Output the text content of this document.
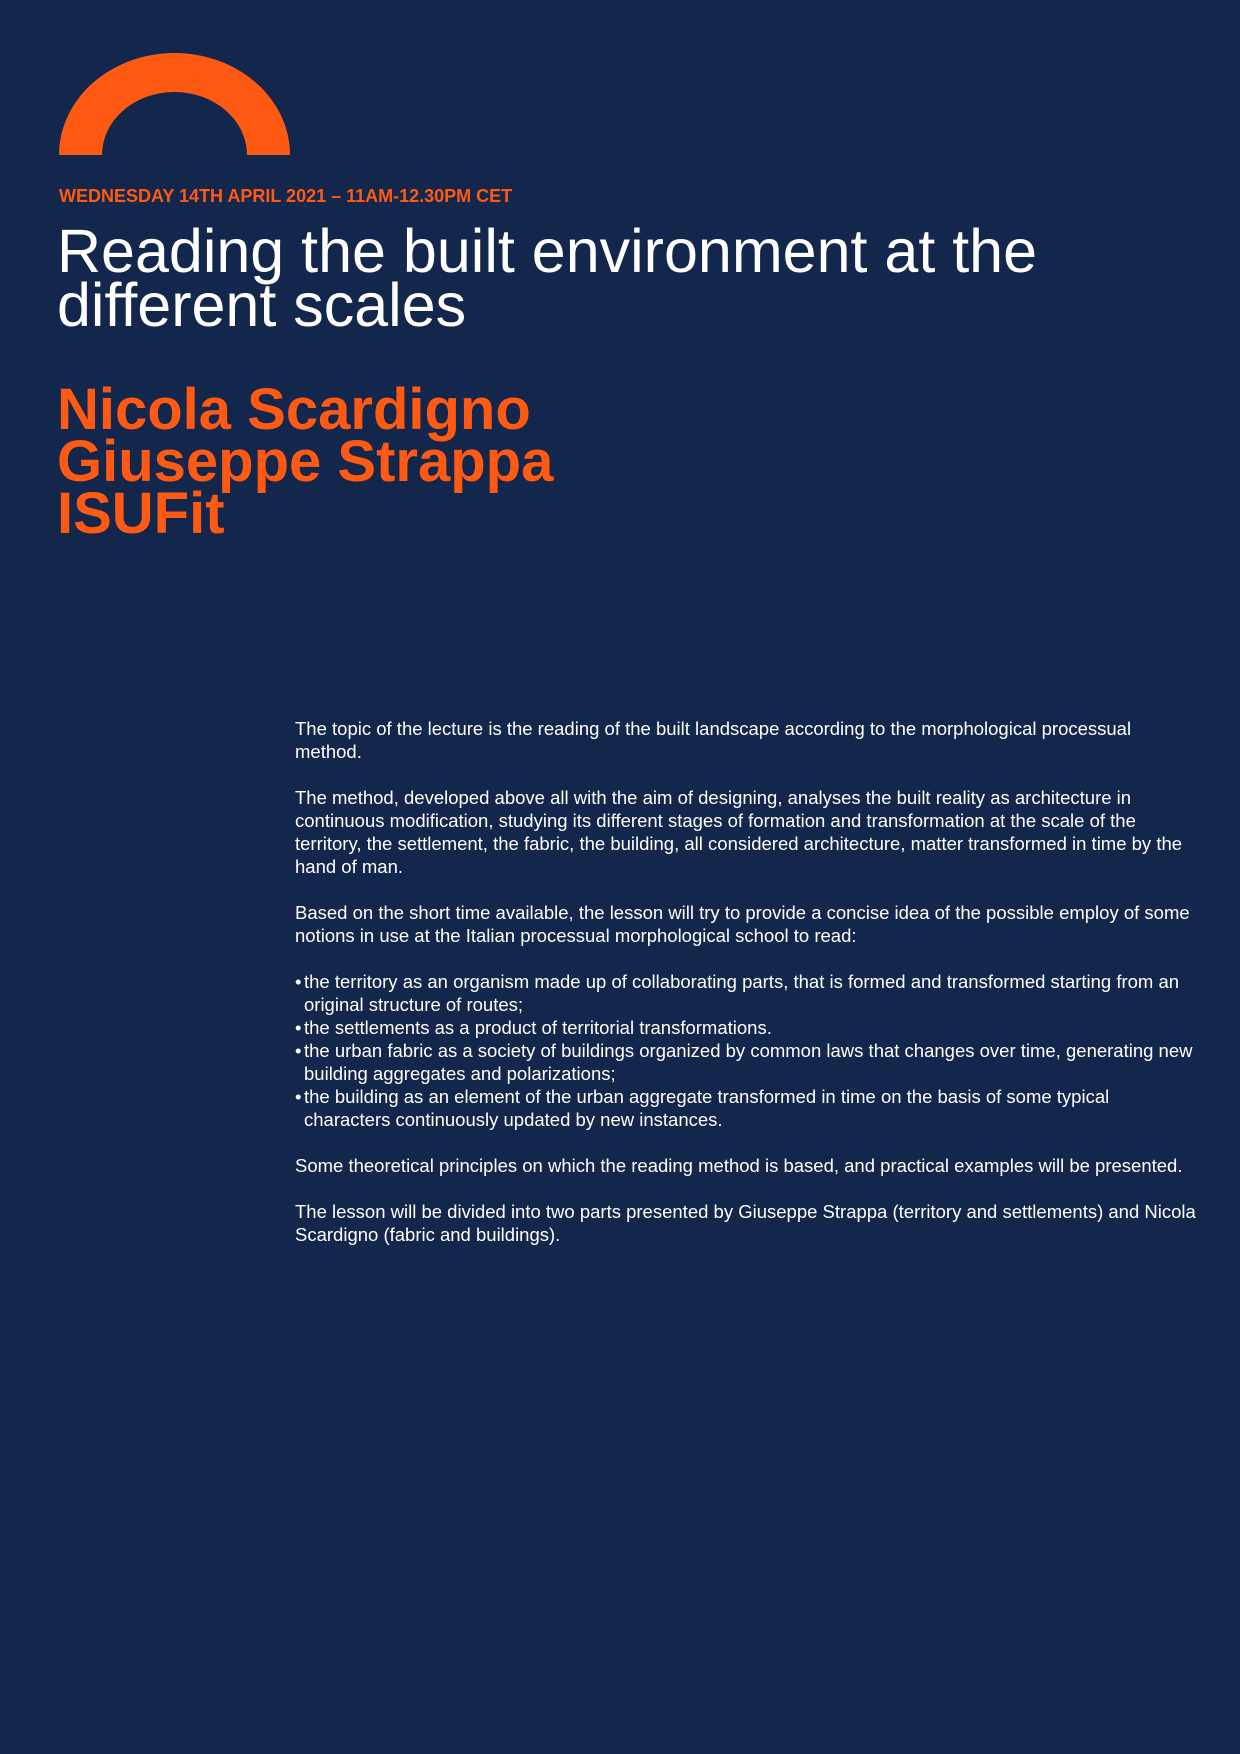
WEDNESDAY 14TH APRIL 2021 – 11AM-12.30PM CET
Reading the built environment at the
different scales
Nicola Scardigno
Giuseppe Strappa
ISUFit

The topic of the lecture is the reading of the built landscape according to the morphological processual method.

The method, developed above all with the aim of designing, analyses the built reality as architecture in continuous modification, studying its different stages of formation and transformation at the scale of the territory, the settlement, the fabric, the building, all considered architecture, matter transformed in time by the hand of man.

Based on the short time available, the lesson will try to provide a concise idea of the possible employ of some notions in use at the Italian processual morphological school to read:

• the territory as an organism made up of collaborating parts, that is formed and transformed starting from an original structure of routes;
• the settlements as a product of territorial transformations.
• the urban fabric as a society of buildings organized by common laws that changes over time, generating new building aggregates and polarizations;
• the building as an element of the urban aggregate transformed in time on the basis of some typical characters continuously updated by new instances.

Some theoretical principles on which the reading method is based, and practical examples will be presented.

The lesson will be divided into two parts presented by Giuseppe Strappa (territory and settlements) and Nicola Scardigno (fabric and buildings).
